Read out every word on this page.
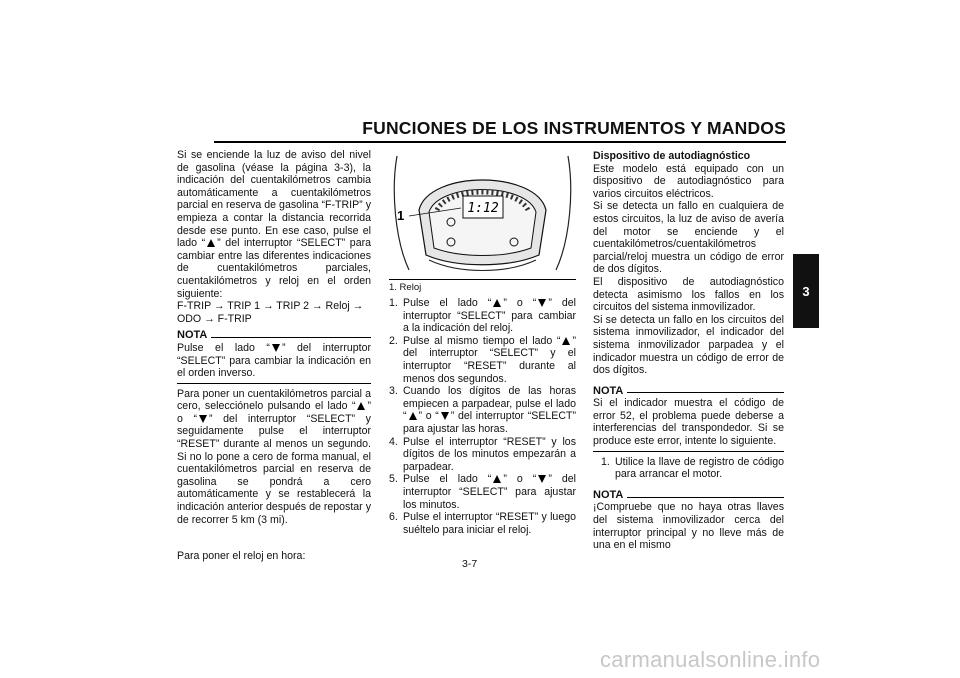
FUNCIONES DE LOS INSTRUMENTOS Y MANDOS
3

Si se enciende la luz de aviso del nivel de gasolina (véase la página 3-3), la indicación del cuentakilómetros cambia automáticamente a cuentakilómetros parcial en reserva de gasolina “F-TRIP” y empieza a contar la distancia recorrida desde ese punto. En ese caso, pulse el lado “ ” del interruptor “SELECT” para cambiar entre las diferentes indicaciones de cuentakilómetros parciales, cuentakilómetros y reloj en el orden siguiente:

F-TRIP → TRIP 1 → TRIP 2 → Reloj → ODO → F-TRIP

NOTA

Pulse el lado “ ” del interruptor “SELECT” para cambiar la indicación en el orden inverso.

Para poner un cuentakilómetros parcial a cero, selecciónelo pulsando el lado “ ” o “ ” del interruptor “SELECT” y seguidamente pulse el interruptor “RESET” durante al menos un segundo. Si no lo pone a cero de forma manual, el cuentakilómetros parcial en reserva de gasolina se pondrá a cero automáticamente y se restablecerá la indicación anterior después de repostar y de recorrer 5 km (3 mi).

Para poner el reloj en hora:

1:12
1
1. Reloj
1. Pulse el lado “ ” o “ ” del interruptor “SELECT” para cambiar a la indicación del reloj.
2. Pulse al mismo tiempo el lado “ ” del interruptor “SELECT” y el interruptor “RESET” durante al menos dos segundos.
3. Cuando los dígitos de las horas empiecen a parpadear, pulse el lado “ ” o “ ” del interruptor “SELECT” para ajustar las horas.
4. Pulse el interruptor “RESET” y los dígitos de los minutos empezarán a parpadear.
5. Pulse el lado “ ” o “ ” del interruptor “SELECT” para ajustar los minutos.
6. Pulse el interruptor “RESET” y luego suéltelo para iniciar el reloj.

Dispositivo de autodiagnóstico

Este modelo está equipado con un dispositivo de autodiagnóstico para varios circuitos eléctricos.

Si se detecta un fallo en cualquiera de estos circuitos, la luz de aviso de avería del motor se enciende y el cuentakilómetros/cuentakilómetros parcial/reloj muestra un código de error de dos dígitos.

El dispositivo de autodiagnóstico detecta asimismo los fallos en los circuitos del sistema inmovilizador.

Si se detecta un fallo en los circuitos del sistema inmovilizador, el indicador del sistema inmovilizador parpadea y el indicador muestra un código de error de dos dígitos.

NOTA

Si el indicador muestra el código de error 52, el problema puede deberse a interferencias del transpondedor. Si se produce este error, intente lo siguiente.

1. Utilice la llave de registro de código para arrancar el motor.
NOTA

¡Compruebe que no haya otras llaves del sistema inmovilizador cerca del interruptor principal y no lleve más de una en el mismo

3-7
carmanualsonline.info
